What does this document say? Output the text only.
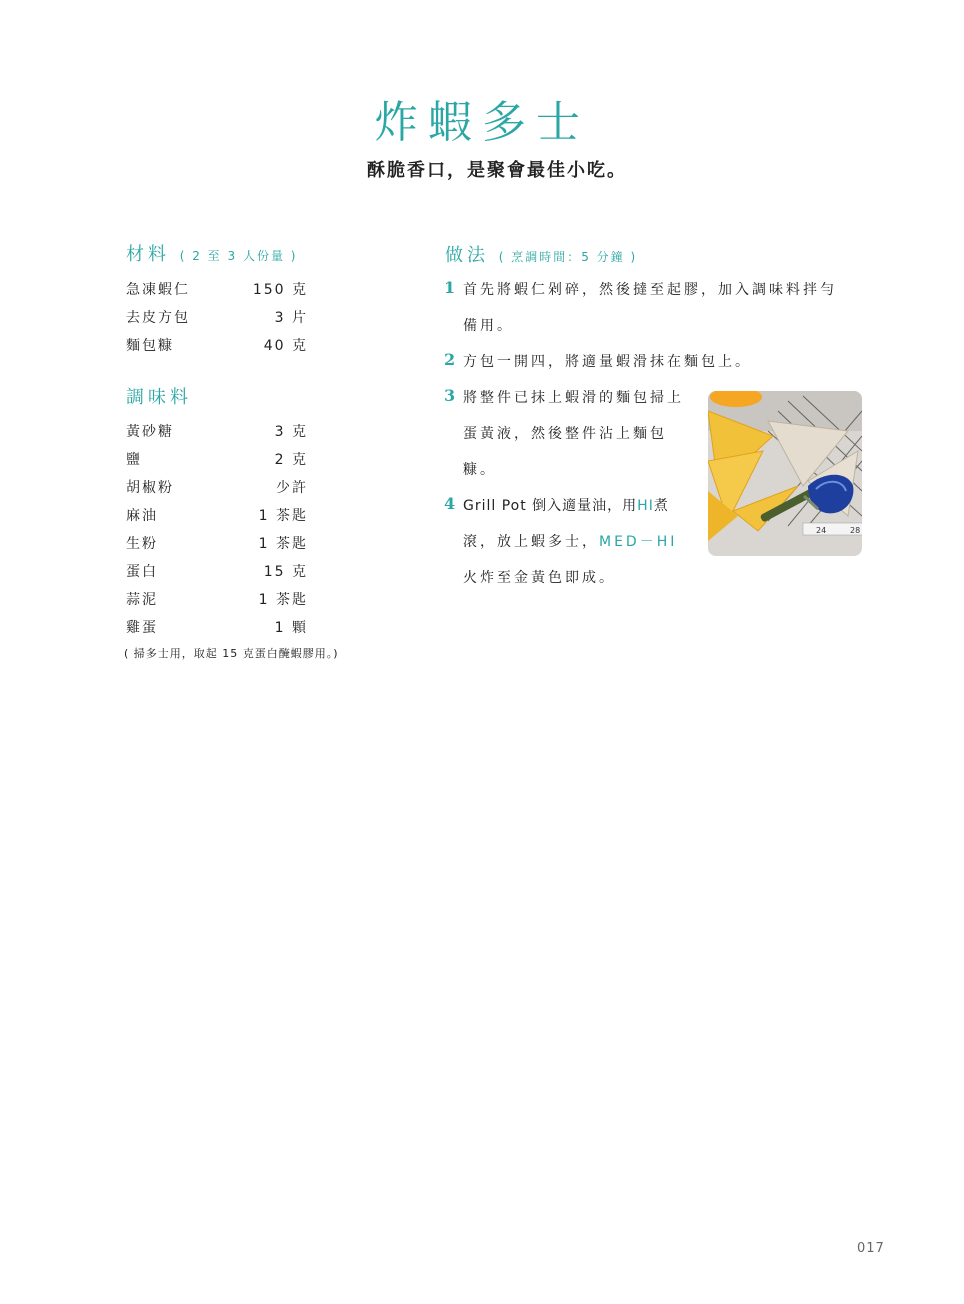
炸蝦多士
酥脆香口，是聚會最佳小吃。
材料 ( 2 至 3 人份量 )
急凍蝦仁	150 克
去皮方包	3 片
麵包糠	40 克
調味料
黃砂糖	3 克
鹽	2 克
胡椒粉	少許
麻油	1 茶匙
生粉	1 茶匙
蛋白	15 克
蒜泥	1 茶匙
雞蛋	1 顆
( 掃多士用，取起 15 克蛋白醃蝦膠用。)
做法 ( 烹調時間：5 分鐘 )
1 首先將蝦仁剁碎，然後撻至起膠，加入調味料拌勻
備用。
2 方包一開四，將適量蝦滑抹在麵包上。
3 將整件已抹上蝦滑的麵包掃上
蛋黃液，然後整件沾上麵包
糠。
4 Grill Pot 倒入適量油，用HI煮
滾，放上蝦多士，MED－HI
火炸至金黃色即成。
24	28
017
